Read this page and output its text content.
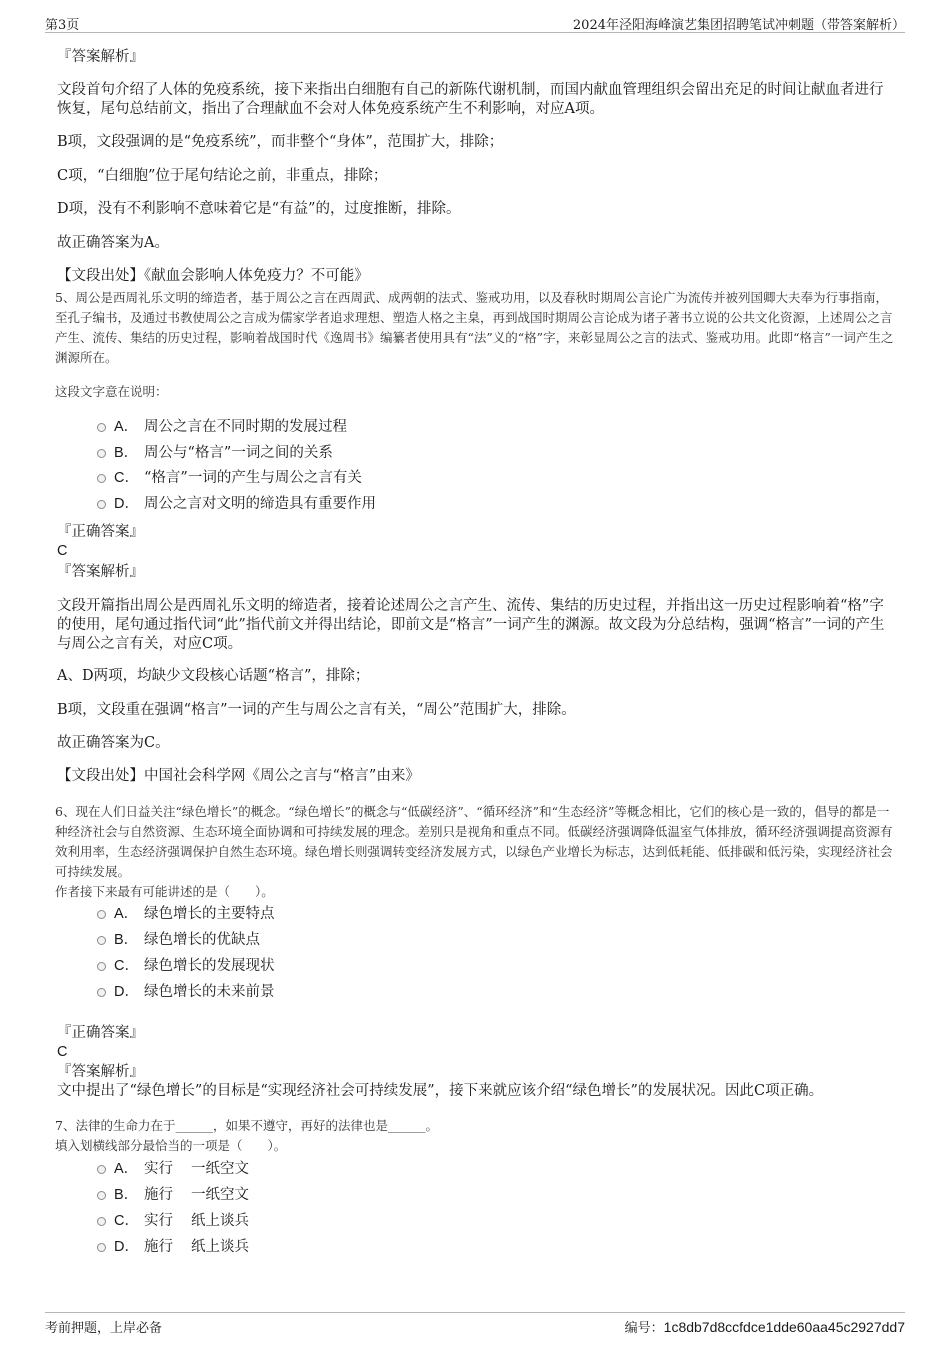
第3页	2024年泾阳海峰演艺集团招聘笔试冲刺题（带答案解析）

『答案解析』

文段首句介绍了人体的免疫系统，接下来指出白细胞有自己的新陈代谢机制，而国内献血管理组织会留出充足的时间让献血者进行恢复，尾句总结前文，指出了合理献血不会对人体免疫系统产生不利影响，对应A项。

B项，文段强调的是“免疫系统”，而非整个“身体”，范围扩大，排除；

C项，“白细胞”位于尾句结论之前，非重点，排除；

D项，没有不利影响不意味着它是“有益”的，过度推断，排除。

故正确答案为A。

【文段出处】《献血会影响人体免疫力？不可能》

5、周公是西周礼乐文明的缔造者，基于周公之言在西周武、成两朝的法式、鉴戒功用，以及春秋时期周公言论广为流传并被列国卿大夫奉为行事指南，至孔子编书，及通过书教使周公之言成为儒家学者追求理想、塑造人格之主臬，再到战国时期周公言论成为诸子著书立说的公共文化资源，上述周公之言产生、流传、集结的历史过程，影响着战国时代《逸周书》编纂者使用具有“法”义的“格”字，来彰显周公之言的法式、鉴戒功用。此即“格言”一词产生之渊源所在。

这段文字意在说明：

A． 周公之言在不同时期的发展过程
B． 周公与“格言”一词之间的关系
C． “格言”一词的产生与周公之言有关
D． 周公之言对文明的缔造具有重要作用

『正确答案』

C

『答案解析』

文段开篇指出周公是西周礼乐文明的缔造者，接着论述周公之言产生、流传、集结的历史过程，并指出这一历史过程影响着“格”字的使用，尾句通过指代词“此”指代前文并得出结论，即前文是“格言”一词产生的渊源。故文段为分总结构，强调“格言”一词的产生与周公之言有关，对应C项。

A、D两项，均缺少文段核心话题“格言”，排除；

B项，文段重在强调“格言”一词的产生与周公之言有关，“周公”范围扩大，排除。

故正确答案为C。

【文段出处】中国社会科学网《周公之言与“格言”由来》

6、现在人们日益关注“绿色增长”的概念。“绿色增长”的概念与“低碳经济”、“循环经济”和“生态经济”等概念相比，它们的核心是一致的，倡导的都是一种经济社会与自然资源、生态环境全面协调和可持续发展的理念。差别只是视角和重点不同。低碳经济强调降低温室气体排放，循环经济强调提高资源有效利用率，生态经济强调保护自然生态环境。绿色增长则强调转变经济发展方式，以绿色产业增长为标志，达到低耗能、低排碳和低污染，实现经济社会可持续发展。

作者接下来最有可能讲述的是（　　）。

A． 绿色增长的主要特点
B． 绿色增长的优缺点
C． 绿色增长的发展现状
D． 绿色增长的未来前景

『正确答案』

C

『答案解析』

文中提出了“绿色增长”的目标是“实现经济社会可持续发展”，接下来就应该介绍“绿色增长”的发展状况。因此C项正确。

7、法律的生命力在于______，如果不遵守，再好的法律也是______。

填入划横线部分最恰当的一项是（　　）。

A． 实行 一纸空文
B． 施行 一纸空文
C． 实行 纸上谈兵
D． 施行 纸上谈兵
考前押题，上岸必备	编号：1c8db7d8ccfdce1dde60aa45c2927dd7
